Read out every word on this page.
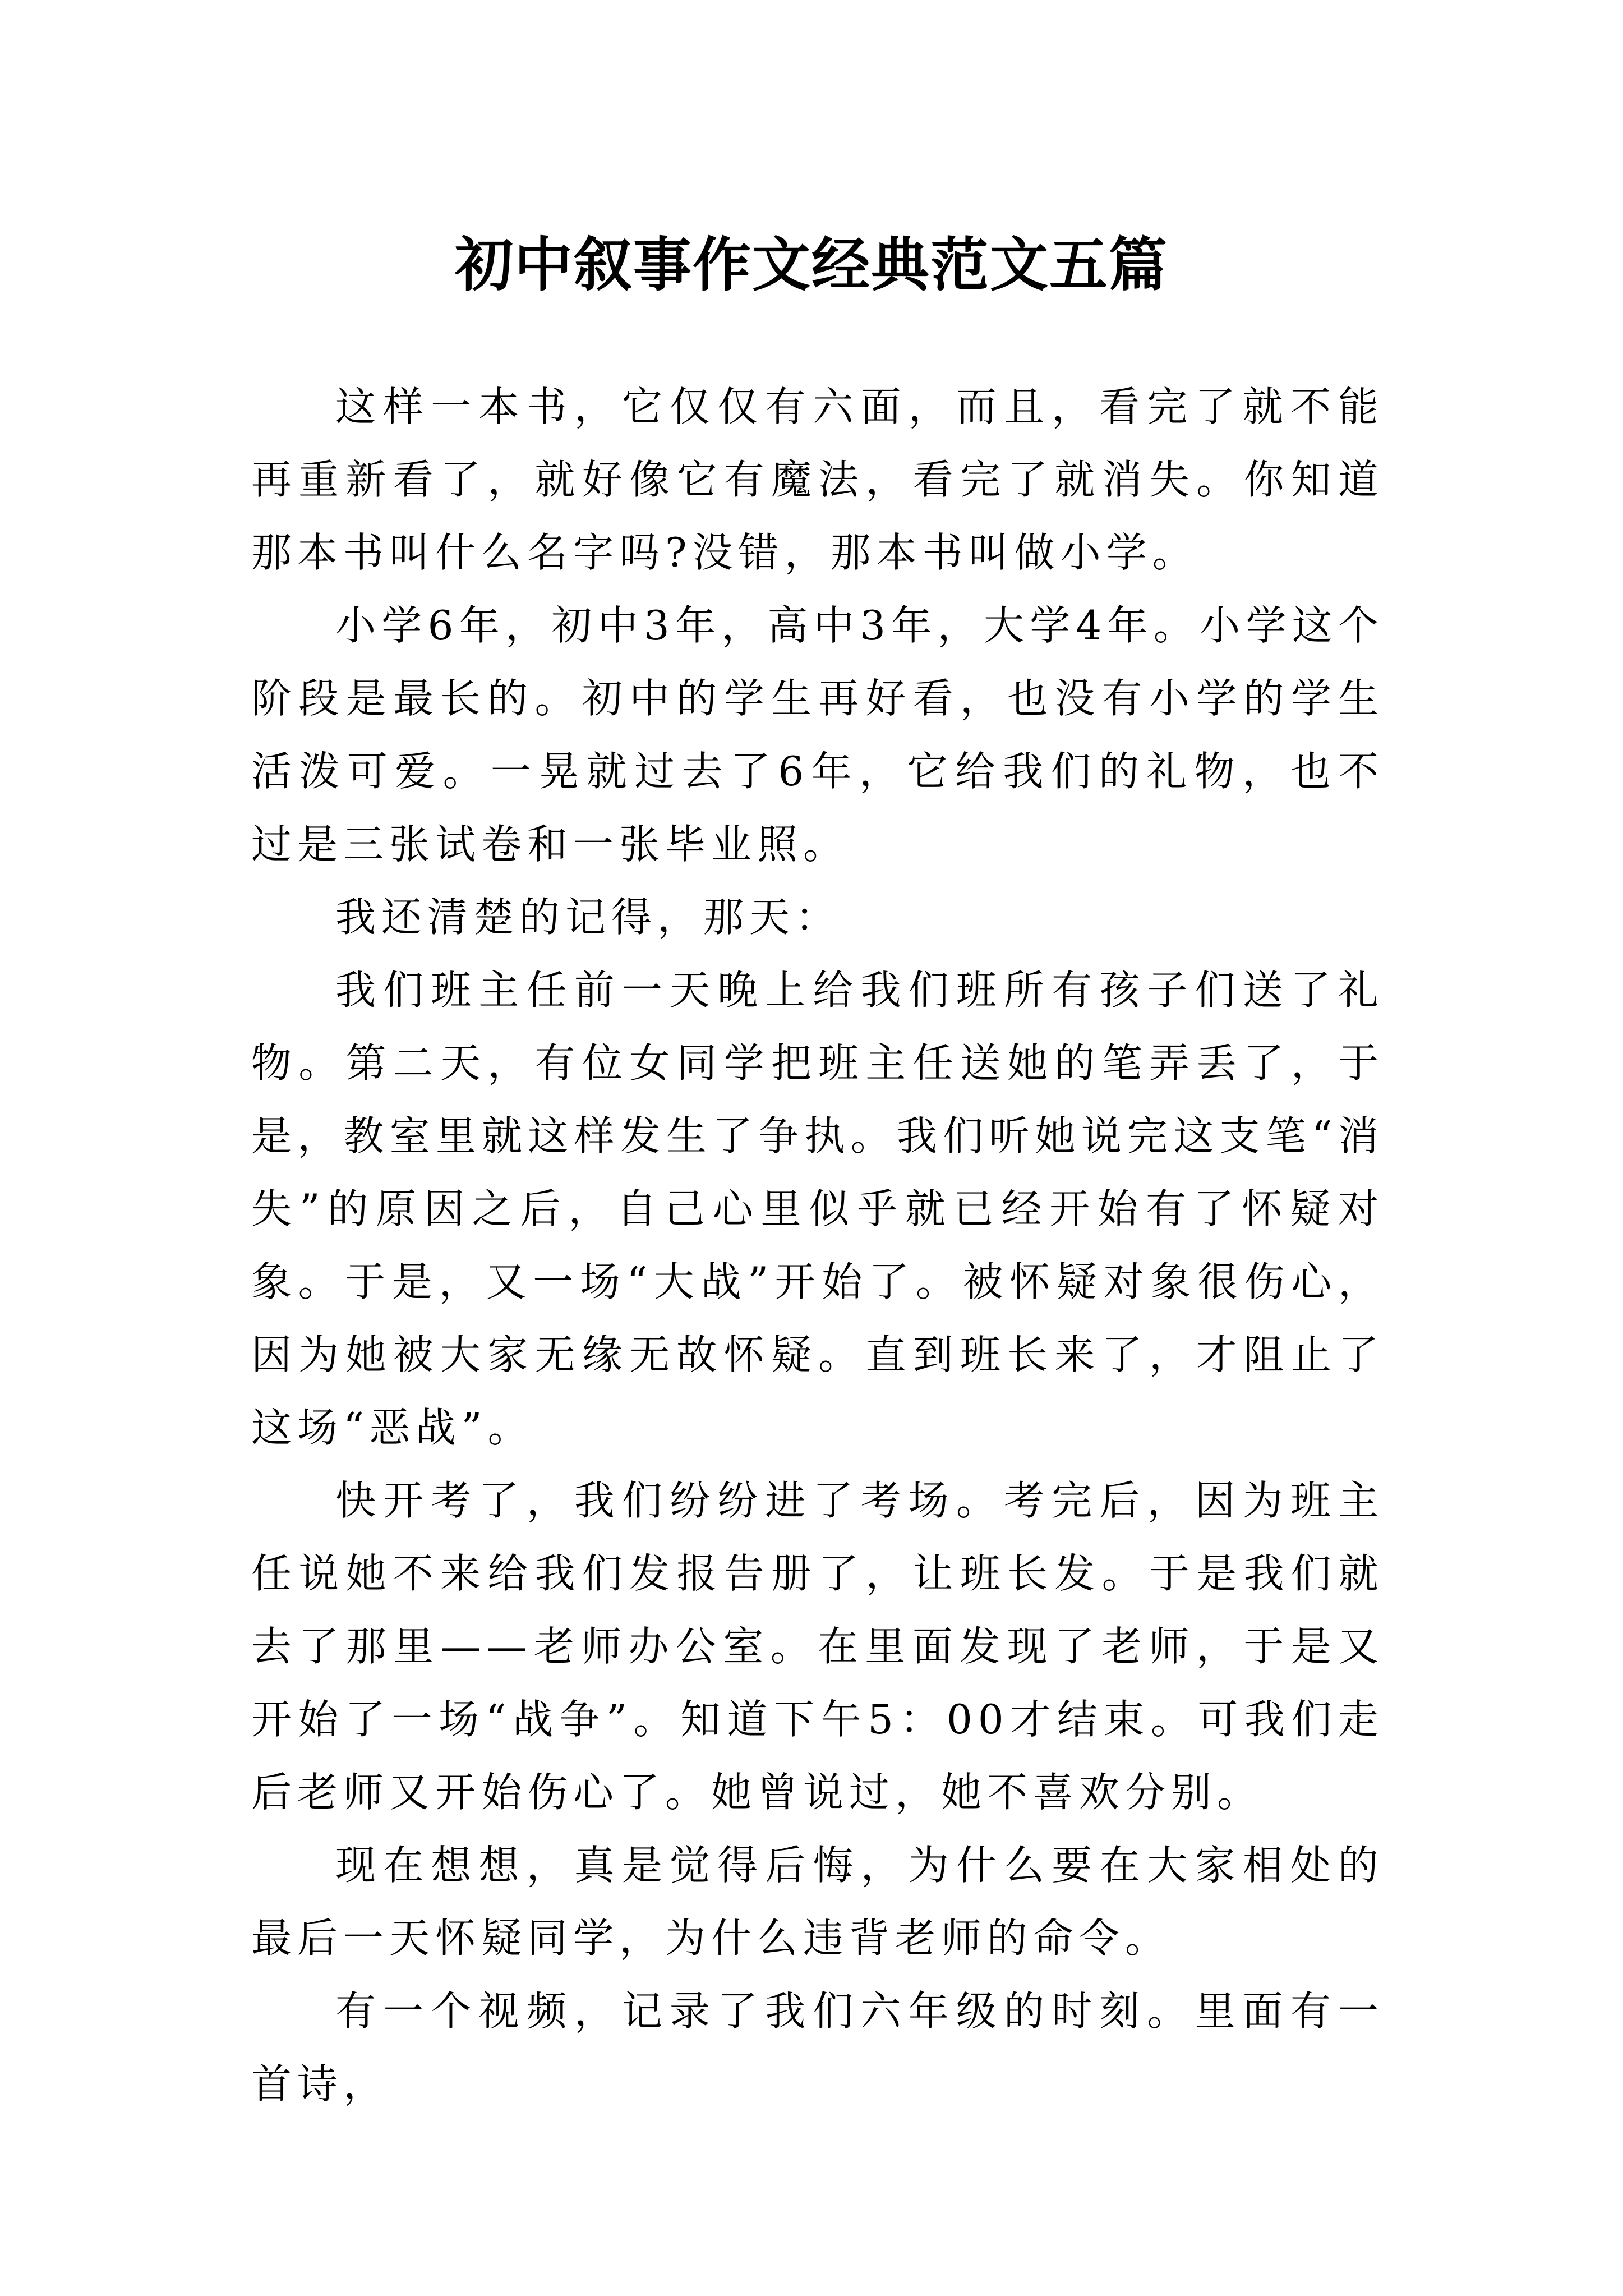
初中叙事作文经典范文五篇

这样一本书，它仅仅有六面，而且，看完了就不能再重新看了，就好像它有魔法，看完了就消失。你知道那本书叫什么名字吗?没错，那本书叫做小学。

小学6年，初中3年，高中3年，大学4年。小学这个阶段是最长的。初中的学生再好看，也没有小学的学生活泼可爱。一晃就过去了6年，它给我们的礼物，也不过是三张试卷和一张毕业照。

我还清楚的记得，那天：

我们班主任前一天晚上给我们班所有孩子们送了礼物。第二天，有位女同学把班主任送她的笔弄丢了，于是，教室里就这样发生了争执。我们听她说完这支笔“消失”的原因之后，自己心里似乎就已经开始有了怀疑对象。于是，又一场“大战”开始了。被怀疑对象很伤心，因为她被大家无缘无故怀疑。直到班长来了，才阻止了这场“恶战”。

快开考了，我们纷纷进了考场。考完后，因为班主任说她不来给我们发报告册了，让班长发。于是我们就去了那里——老师办公室。在里面发现了老师，于是又开始了一场“战争”。知道下午5：00才结束。可我们走后老师又开始伤心了。她曾说过，她不喜欢分别。

现在想想，真是觉得后悔，为什么要在大家相处的最后一天怀疑同学，为什么违背老师的命令。

有一个视频，记录了我们六年级的时刻。里面有一首诗，
